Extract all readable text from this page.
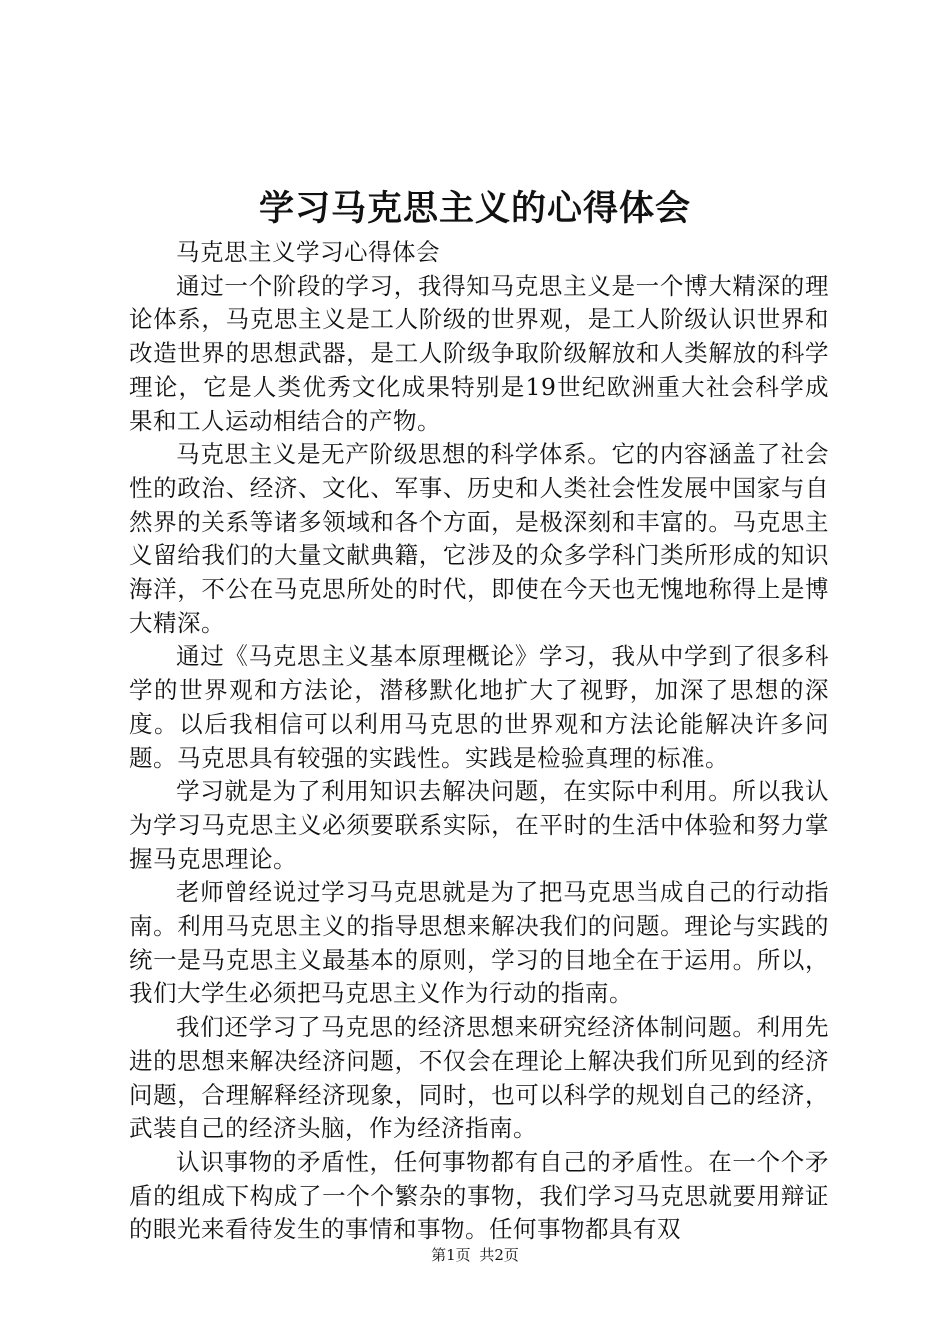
学习马克思主义的心得体会

马克思主义学习心得体会

通过一个阶段的学习，我得知马克思主义是一个博大精深的理论体系，马克思主义是工人阶级的世界观，是工人阶级认识世界和改造世界的思想武器，是工人阶级争取阶级解放和人类解放的科学理论，它是人类优秀文化成果特别是19世纪欧洲重大社会科学成果和工人运动相结合的产物。

马克思主义是无产阶级思想的科学体系。它的内容涵盖了社会性的政治、经济、文化、军事、历史和人类社会性发展中国家与自然界的关系等诸多领域和各个方面，是极深刻和丰富的。马克思主义留给我们的大量文献典籍，它涉及的众多学科门类所形成的知识海洋，不公在马克思所处的时代，即使在今天也无愧地称得上是博大精深。

通过《马克思主义基本原理概论》学习，我从中学到了很多科学的世界观和方法论，潜移默化地扩大了视野，加深了思想的深度。以后我相信可以利用马克思的世界观和方法论能解决许多问题。马克思具有较强的实践性。实践是检验真理的标准。

学习就是为了利用知识去解决问题，在实际中利用。所以我认为学习马克思主义必须要联系实际，在平时的生活中体验和努力掌握马克思理论。

老师曾经说过学习马克思就是为了把马克思当成自己的行动指南。利用马克思主义的指导思想来解决我们的问题。理论与实践的统一是马克思主义最基本的原则，学习的目地全在于运用。所以，我们大学生必须把马克思主义作为行动的指南。

我们还学习了马克思的经济思想来研究经济体制问题。利用先进的思想来解决经济问题，不仅会在理论上解决我们所见到的经济问题，合理解释经济现象，同时，也可以科学的规划自己的经济，武装自己的经济头脑，作为经济指南。

认识事物的矛盾性，任何事物都有自己的矛盾性。在一个个矛盾的组成下构成了一个个繁杂的事物，我们学习马克思就要用辩证的眼光来看待发生的事情和事物。任何事物都具有双

第1页 共2页
